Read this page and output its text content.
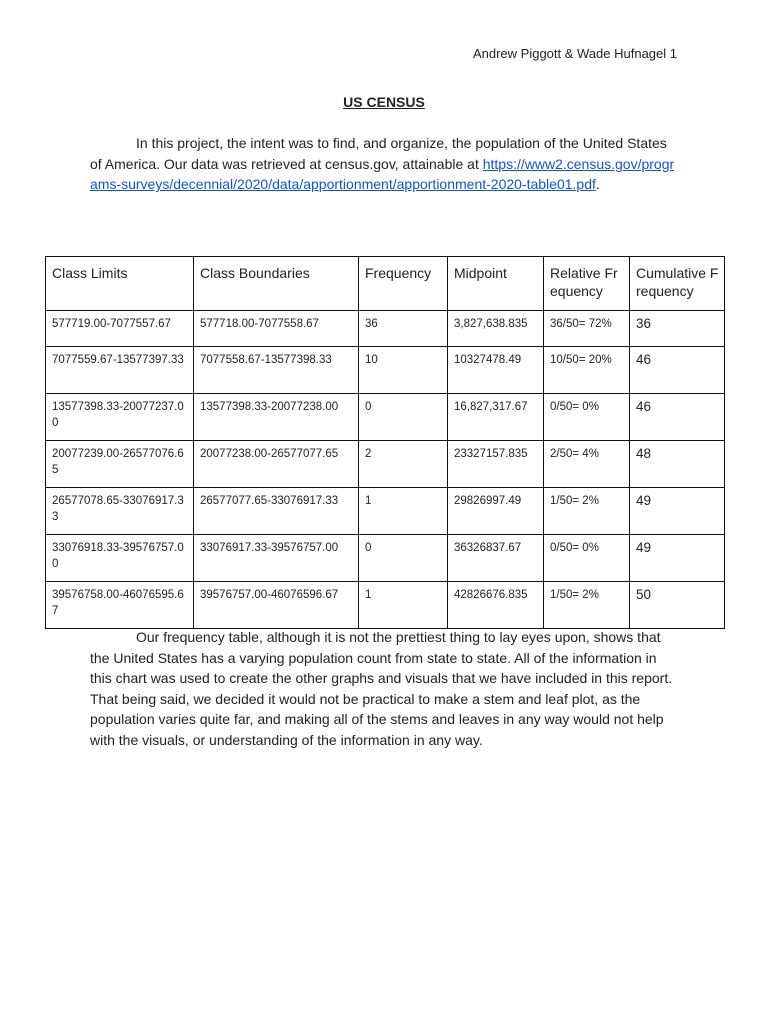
Andrew Piggott & Wade Hufnagel 1
US CENSUS
In this project, the intent was to find, and organize, the population of the United States of America. Our data was retrieved at census.gov, attainable at https://www2.census.gov/programs-surveys/decennial/2020/data/apportionment/apportionment-2020-table01.pdf.
Class Limits	Class Boundaries	Frequency	Midpoint	Relative Frequency	Cumulative Frequency
577719.00-7077557.67	577718.00-7077558.67	36	3,827,638.835	36/50= 72%	36
7077559.67-13577397.33	7077558.67-13577398.33	10	10327478.49	10/50= 20%	46
13577398.33-20077237.00	13577398.33-20077238.00	0	16,827,317.67	0/50= 0%	46
20077239.00-26577076.65	20077238.00-26577077.65	2	23327157.835	2/50= 4%	48
26577078.65-33076917.33	26577077.65-33076917.33	1	29826997.49	1/50= 2%	49
33076918.33-39576757.00	33076917.33-39576757.00	0	36326837.67	0/50= 0%	49
39576758.00-46076595.67	39576757.00-46076596.67	1	42826676.835	1/50= 2%	50
Our frequency table, although it is not the prettiest thing to lay eyes upon, shows that the United States has a varying population count from state to state. All of the information in this chart was used to create the other graphs and visuals that we have included in this report. That being said, we decided it would not be practical to make a stem and leaf plot, as the population varies quite far, and making all of the stems and leaves in any way would not help with the visuals, or understanding of the information in any way.
